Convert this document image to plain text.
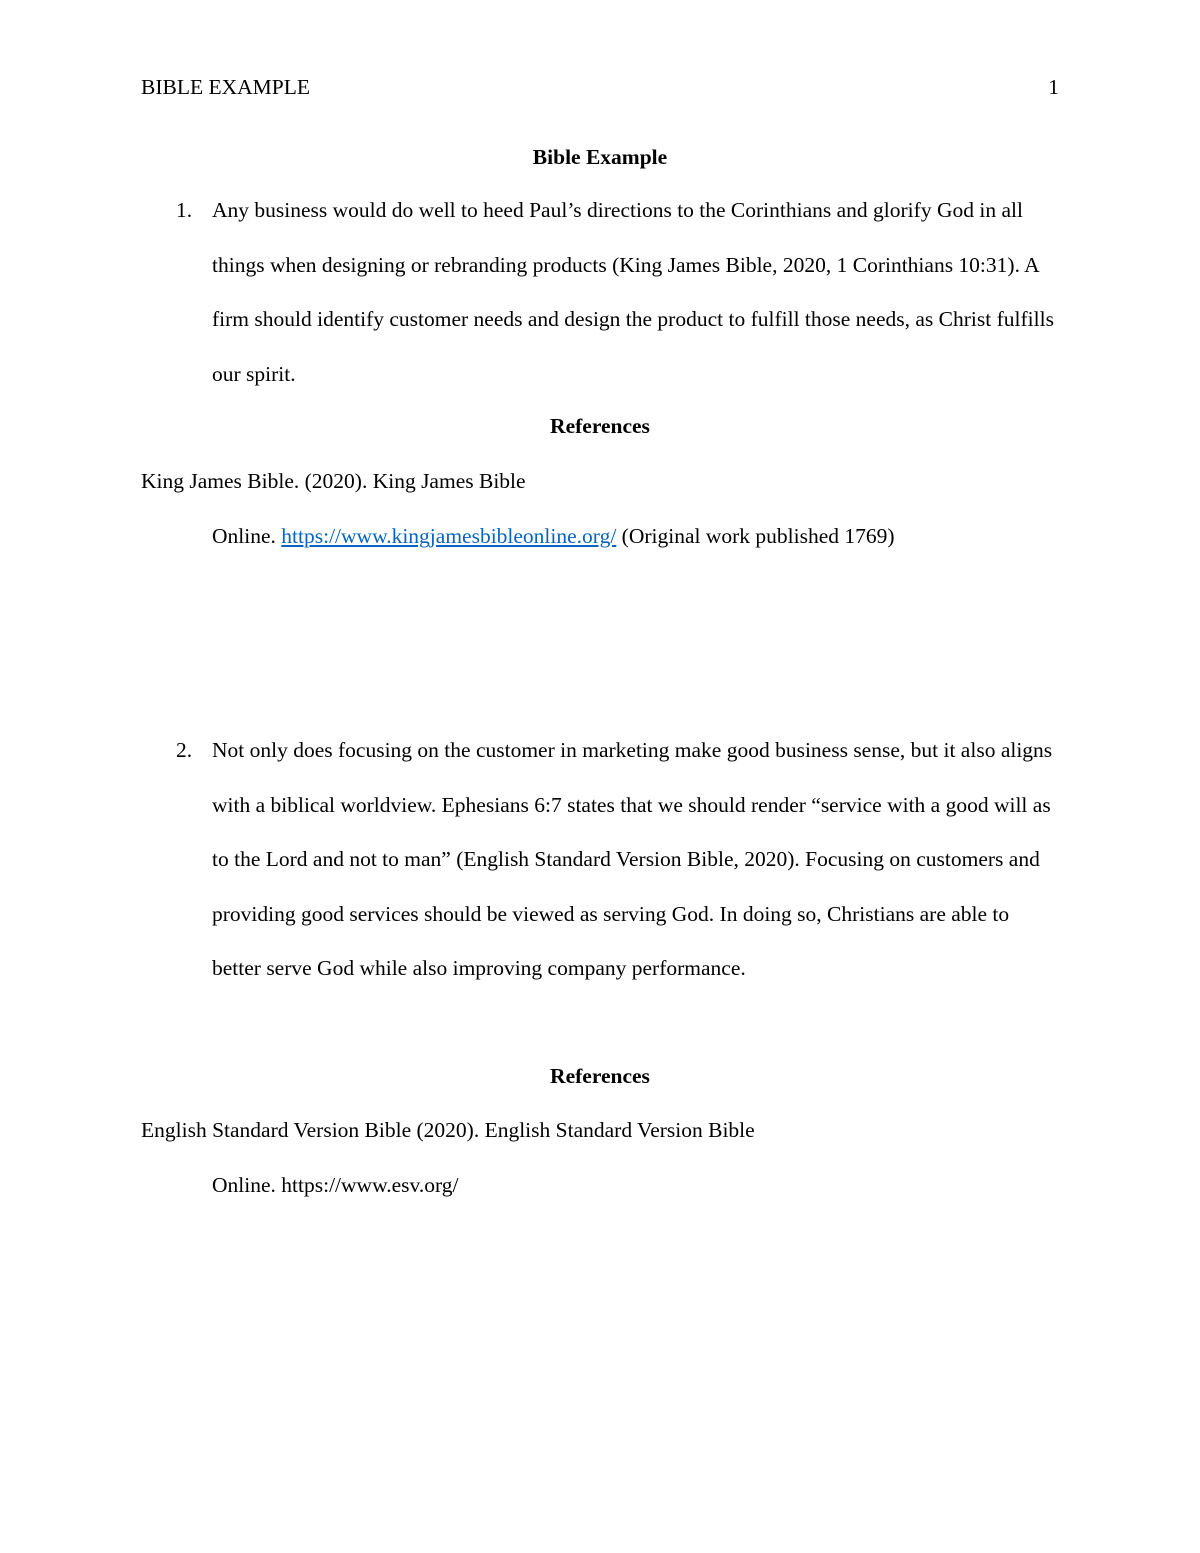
BIBLE EXAMPLE	1
Bible Example
1. Any business would do well to heed Paul’s directions to the Corinthians and glorify God in all things when designing or rebranding products (King James Bible, 2020, 1 Corinthians 10:31). A firm should identify customer needs and design the product to fulfill those needs, as Christ fulfills our spirit.
References
King James Bible. (2020). King James Bible
Online. https://www.kingjamesbibleonline.org/ (Original work published 1769)
2. Not only does focusing on the customer in marketing make good business sense, but it also aligns with a biblical worldview. Ephesians 6:7 states that we should render “service with a good will as to the Lord and not to man” (English Standard Version Bible, 2020). Focusing on customers and providing good services should be viewed as serving God. In doing so, Christians are able to better serve God while also improving company performance.
References
English Standard Version Bible (2020). English Standard Version Bible
Online. https://www.esv.org/
